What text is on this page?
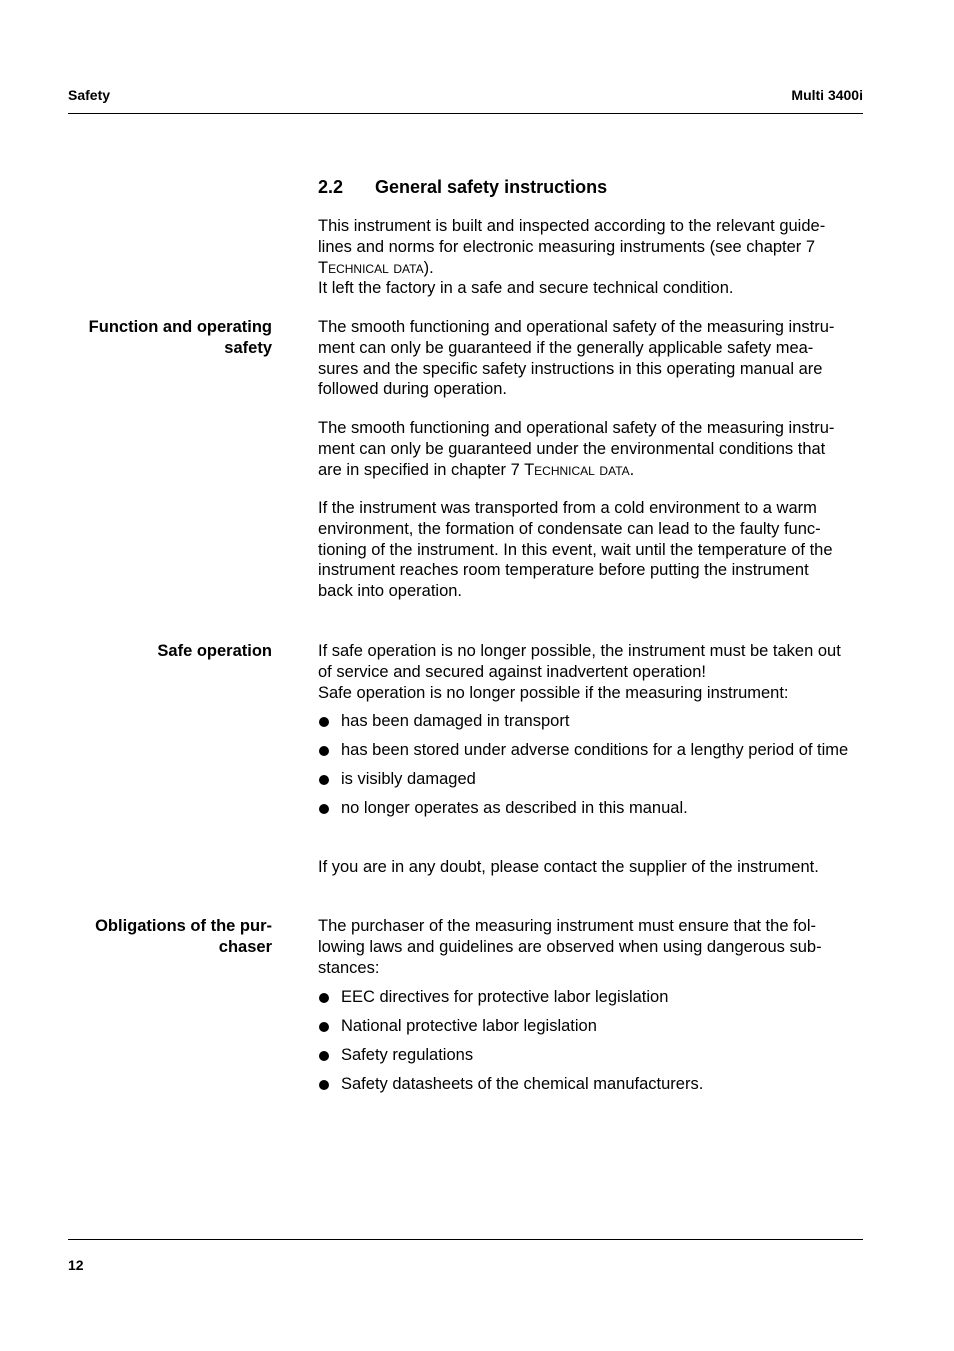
Safety	Multi 3400i
2.2 General safety instructions
This instrument is built and inspected according to the relevant guide-
lines and norms for electronic measuring instruments (see chapter 7
Technical data).
It left the factory in a safe and secure technical condition.
Function and operating
safety
The smooth functioning and operational safety of the measuring instru-
ment can only be guaranteed if the generally applicable safety mea-
sures and the specific safety instructions in this operating manual are
followed during operation.
The smooth functioning and operational safety of the measuring instru-
ment can only be guaranteed under the environmental conditions that
are in specified in chapter 7 Technical data.
If the instrument was transported from a cold environment to a warm
environment, the formation of condensate can lead to the faulty func-
tioning of the instrument. In this event, wait until the temperature of the
instrument reaches room temperature before putting the instrument
back into operation.
Safe operation	If safe operation is no longer possible, the instrument must be taken out
of service and secured against inadvertent operation!
Safe operation is no longer possible if the measuring instrument:
has been damaged in transport
has been stored under adverse conditions for a lengthy period of time
is visibly damaged
no longer operates as described in this manual.
If you are in any doubt, please contact the supplier of the instrument.
Obligations of the pur-
chaser
The purchaser of the measuring instrument must ensure that the fol-
lowing laws and guidelines are observed when using dangerous sub-
stances:
EEC directives for protective labor legislation
National protective labor legislation
Safety regulations
Safety datasheets of the chemical manufacturers.
12
